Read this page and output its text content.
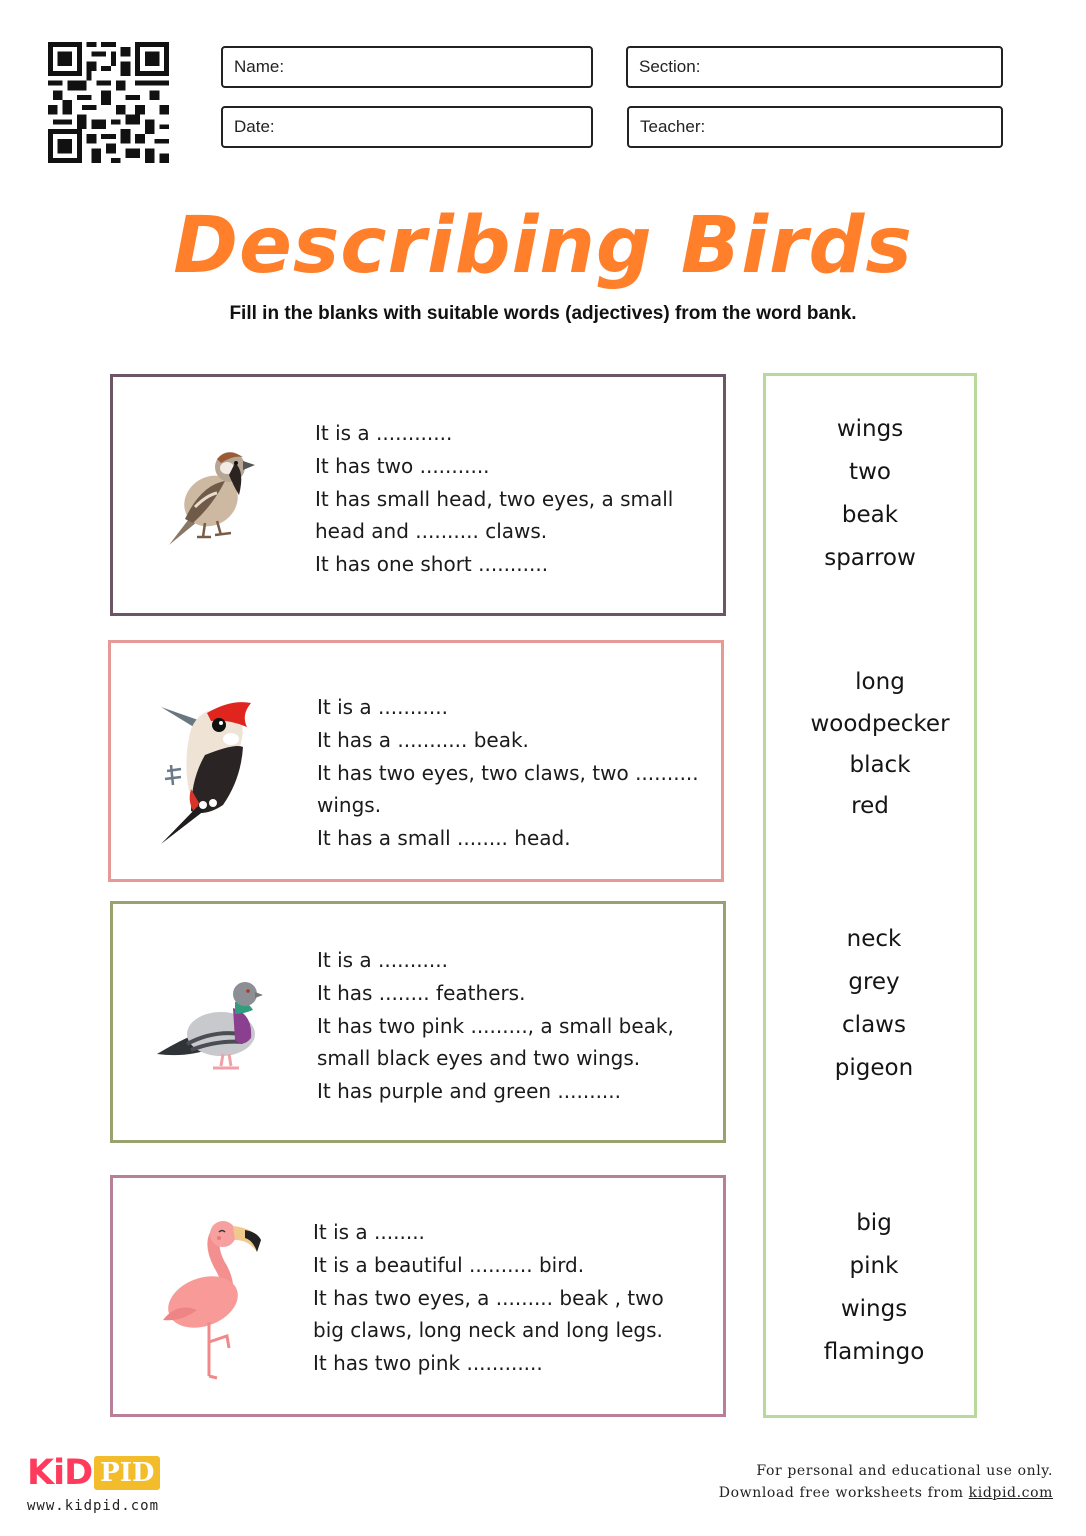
Name:	Section:
Date:	Teacher:
Describing Birds
Fill in the blanks with suitable words (adjectives) from the word bank.
It is a ............
It has two ...........
It has small head, two eyes, a small
head and .......... claws.
It has one short ...........
It is a ...........
It has a ........... beak.
It has two eyes, two claws, two ..........
wings.
It has a small ........ head.
It is a ...........
It has ........ feathers.
It has two pink ........., a small beak,
small black eyes and two wings.
It has purple and green ..........
It is a ........
It is a beautiful .......... bird.
It has two eyes, a ......... beak , two
big claws, long neck and long legs.
It has two pink ............
wings
two
beak
sparrow
long
woodpecker
black
red
neck
grey
claws
pigeon
big
pink
wings
flamingo
KiD PID
www.kidpid.com
For personal and educational use only.
Download free worksheets from kidpid.com
